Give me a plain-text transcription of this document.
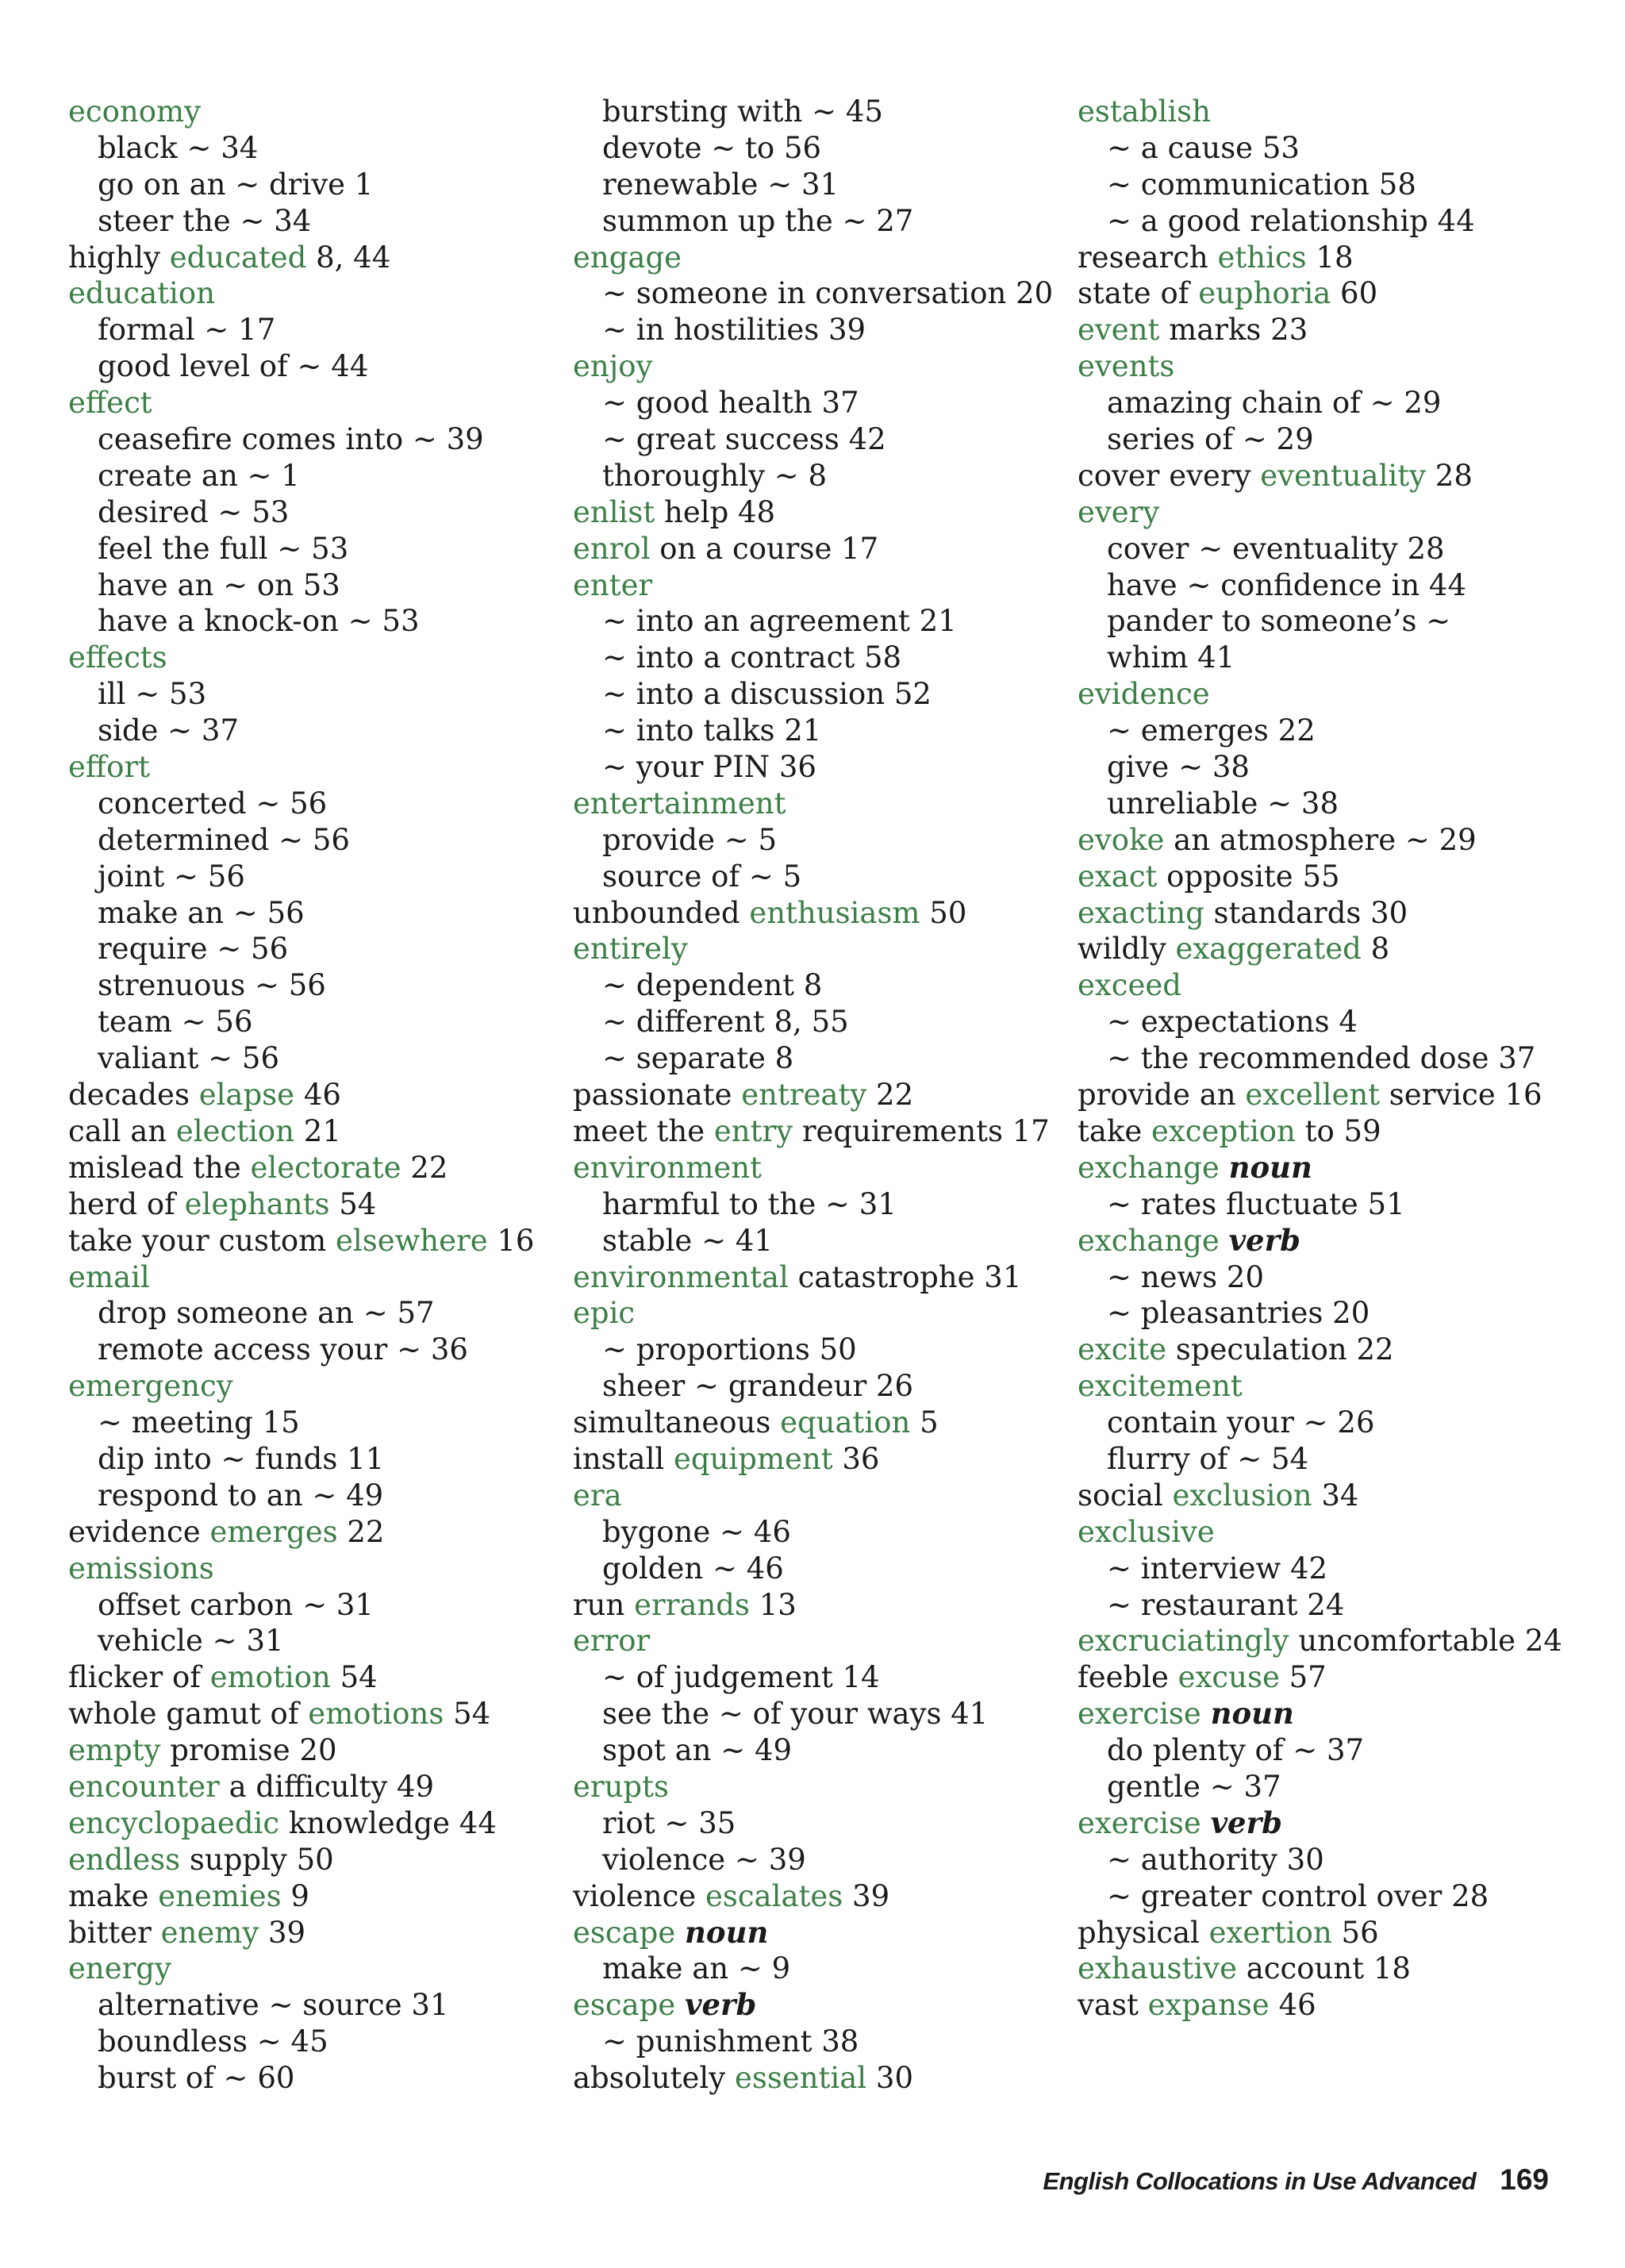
economy
black ~ 34
go on an ~ drive 1
steer the ~ 34
highly educated 8, 44
education
formal ~ 17
good level of ~ 44
effect
ceasefire comes into ~ 39
create an ~ 1
desired ~ 53
feel the full ~ 53
have an ~ on 53
have a knock-on ~ 53
effects
ill ~ 53
side ~ 37
effort
concerted ~ 56
determined ~ 56
joint ~ 56
make an ~ 56
require ~ 56
strenuous ~ 56
team ~ 56
valiant ~ 56
decades elapse 46
call an election 21
mislead the electorate 22
herd of elephants 54
take your custom elsewhere 16
email
drop someone an ~ 57
remote access your ~ 36
emergency
~ meeting 15
dip into ~ funds 11
respond to an ~ 49
evidence emerges 22
emissions
offset carbon ~ 31
vehicle ~ 31
flicker of emotion 54
whole gamut of emotions 54
empty promise 20
encounter a difficulty 49
encyclopaedic knowledge 44
endless supply 50
make enemies 9
bitter enemy 39
energy
alternative ~ source 31
boundless ~ 45
burst of ~ 60
bursting with ~ 45
devote ~ to 56
renewable ~ 31
summon up the ~ 27
engage
~ someone in conversation 20
~ in hostilities 39
enjoy
~ good health 37
~ great success 42
thoroughly ~ 8
enlist help 48
enrol on a course 17
enter
~ into an agreement 21
~ into a contract 58
~ into a discussion 52
~ into talks 21
~ your PIN 36
entertainment
provide ~ 5
source of ~ 5
unbounded enthusiasm 50
entirely
~ dependent 8
~ different 8, 55
~ separate 8
passionate entreaty 22
meet the entry requirements 17
environment
harmful to the ~ 31
stable ~ 41
environmental catastrophe 31
epic
~ proportions 50
sheer ~ grandeur 26
simultaneous equation 5
install equipment 36
era
bygone ~ 46
golden ~ 46
run errands 13
error
~ of judgement 14
see the ~ of your ways 41
spot an ~ 49
erupts
riot ~ 35
violence ~ 39
violence escalates 39
escape noun
make an ~ 9
escape verb
~ punishment 38
absolutely essential 30
establish
~ a cause 53
~ communication 58
~ a good relationship 44
research ethics 18
state of euphoria 60
event marks 23
events
amazing chain of ~ 29
series of ~ 29
cover every eventuality 28
every
cover ~ eventuality 28
have ~ confidence in 44
pander to someone’s ~
whim 41
evidence
~ emerges 22
give ~ 38
unreliable ~ 38
evoke an atmosphere ~ 29
exact opposite 55
exacting standards 30
wildly exaggerated 8
exceed
~ expectations 4
~ the recommended dose 37
provide an excellent service 16
take exception to 59
exchange noun
~ rates fluctuate 51
exchange verb
~ news 20
~ pleasantries 20
excite speculation 22
excitement
contain your ~ 26
flurry of ~ 54
social exclusion 34
exclusive
~ interview 42
~ restaurant 24
excruciatingly uncomfortable 24
feeble excuse 57
exercise noun
do plenty of ~ 37
gentle ~ 37
exercise verb
~ authority 30
~ greater control over 28
physical exertion 56
exhaustive account 18
vast expanse 46
English Collocations in Use Advanced 169
